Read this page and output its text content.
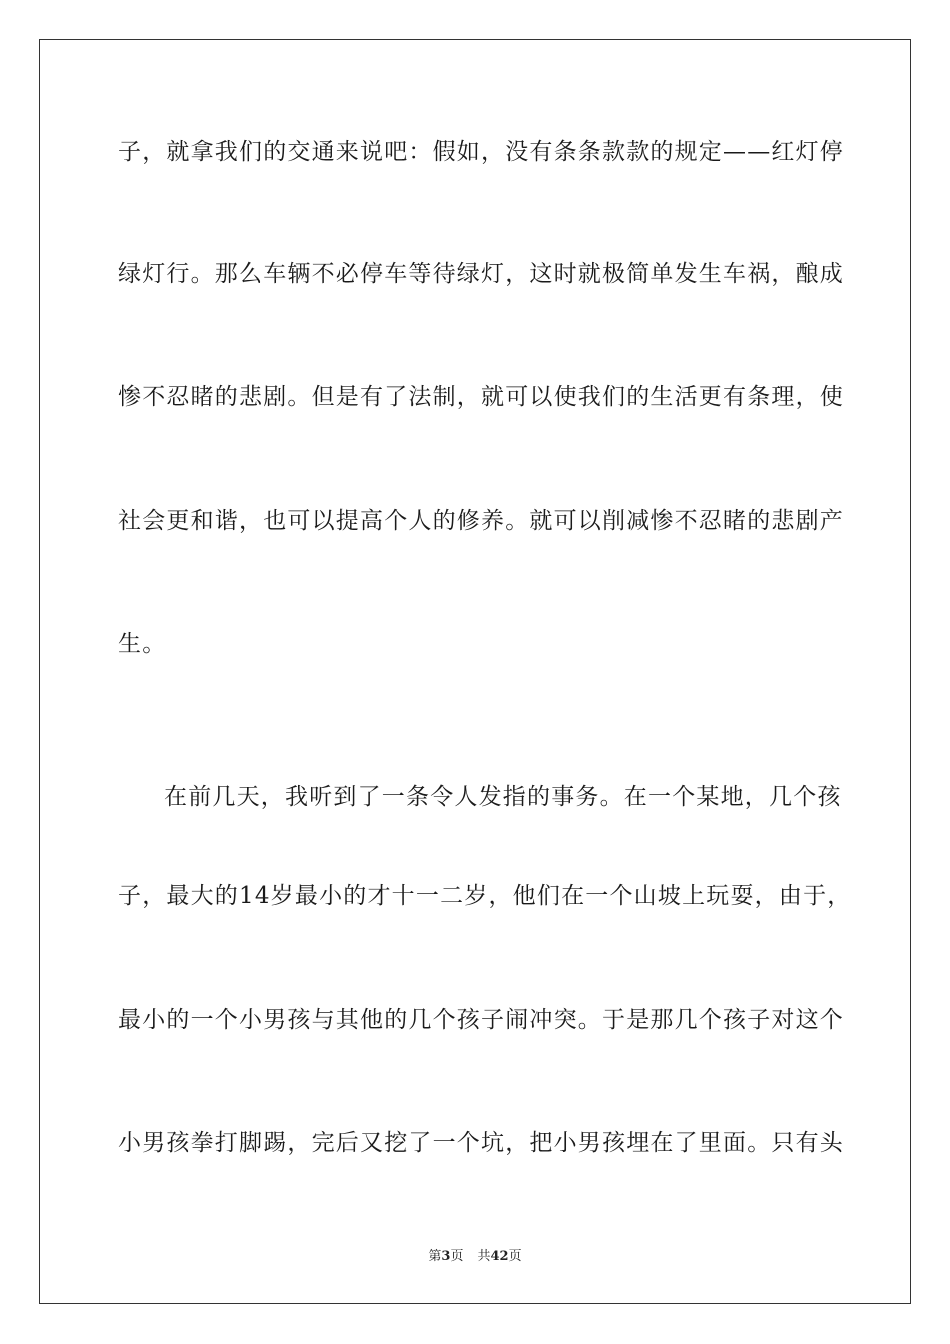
子，就拿我们的交通来说吧：假如，没有条条款款的规定——红灯停
绿灯行。那么车辆不必停车等待绿灯，这时就极简单发生车祸，酿成
惨不忍睹的悲剧。但是有了法制，就可以使我们的生活更有条理，使
社会更和谐，也可以提高个人的修养。就可以削减惨不忍睹的悲剧产
生。
在前几天，我听到了一条令人发指的事务。在一个某地，几个孩
子，最大的14岁最小的才十一二岁，他们在一个山坡上玩耍，由于，
最小的一个小男孩与其他的几个孩子闹冲突。于是那几个孩子对这个
小男孩拳打脚踢，完后又挖了一个坑，把小男孩埋在了里面。只有头
第3页 共42页
